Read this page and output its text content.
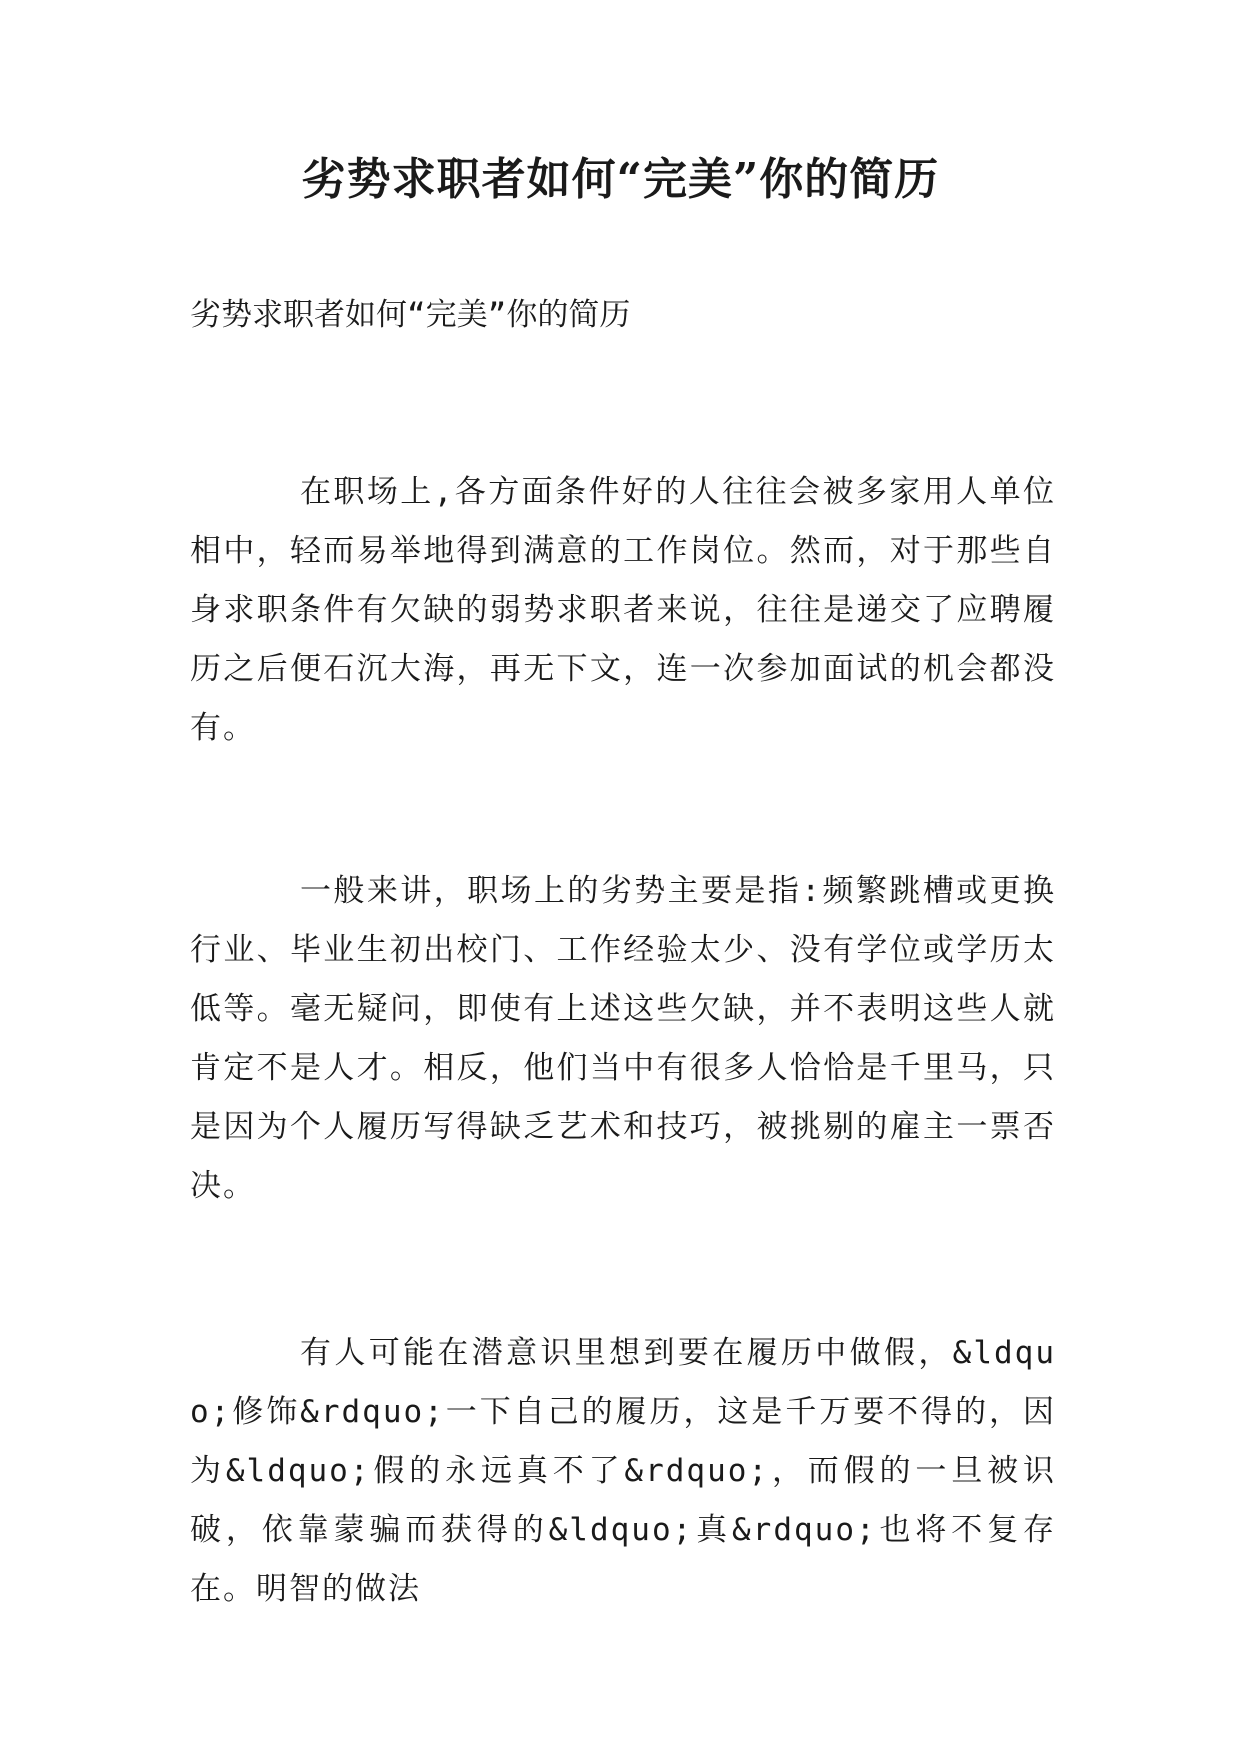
劣势求职者如何“完美”你的简历

劣势求职者如何“完美”你的简历

在职场上,各方面条件好的人往往会被多家用人单位相中，轻而易举地得到满意的工作岗位。然而，对于那些自身求职条件有欠缺的弱势求职者来说，往往是递交了应聘履历之后便石沉大海，再无下文，连一次参加面试的机会都没有。

一般来讲，职场上的劣势主要是指:频繁跳槽或更换行业、毕业生初出校门、工作经验太少、没有学位或学历太低等。毫无疑问，即使有上述这些欠缺，并不表明这些人就肯定不是人才。相反，他们当中有很多人恰恰是千里马，只是因为个人履历写得缺乏艺术和技巧，被挑剔的雇主一票否决。

有人可能在潜意识里想到要在履历中做假，&ldquo;修饰&rdquo;一下自己的履历，这是千万要不得的，因为&ldquo;假的永远真不了&rdquo;，而假的一旦被识破，依靠蒙骗而获得的&ldquo;真&rdquo;也将不复存在。明智的做法
